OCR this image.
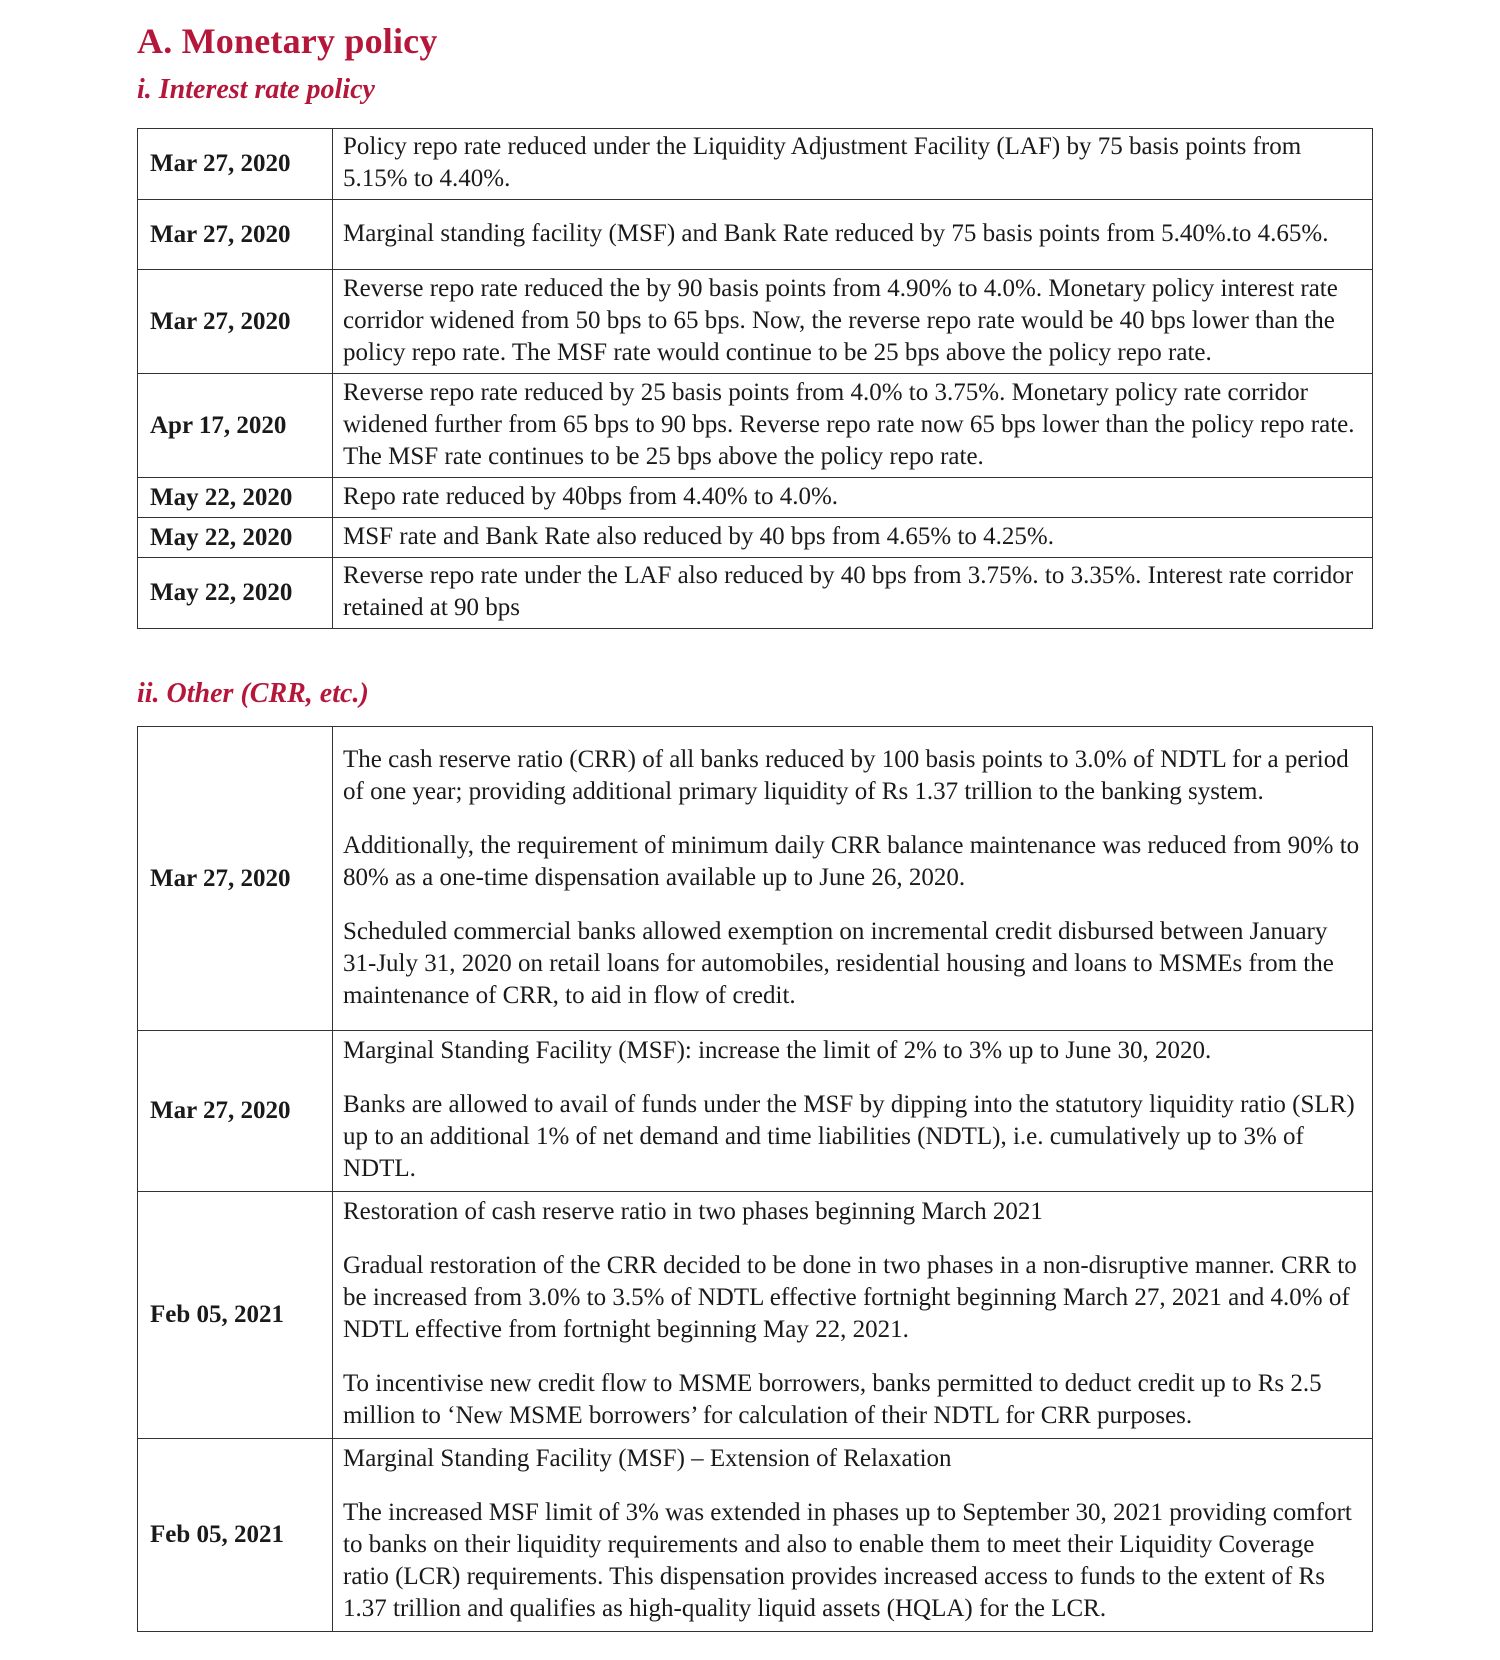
A. Monetary policy
i. Interest rate policy
Mar 27, 2020	Policy repo rate reduced under the Liquidity Adjustment Facility (LAF) by 75 basis points from 5.15% to 4.40%.

Mar 27, 2020	Marginal standing facility (MSF) and Bank Rate reduced by 75 basis points from 5.40%.to 4.65%.

Mar 27, 2020	Reverse repo rate reduced the by 90 basis points from 4.90% to 4.0%. Monetary policy interest rate corridor widened from 50 bps to 65 bps. Now, the reverse repo rate would be 40 bps lower than the policy repo rate. The MSF rate would continue to be 25 bps above the policy repo rate.

Apr 17, 2020	Reverse repo rate reduced by 25 basis points from 4.0% to 3.75%. Monetary policy rate corridor widened further from 65 bps to 90 bps. Reverse repo rate now 65 bps lower than the policy repo rate. The MSF rate continues to be 25 bps above the policy repo rate.

May 22, 2020	Repo rate reduced by 40bps from 4.40% to 4.0%.

May 22, 2020	MSF rate and Bank Rate also reduced by 40 bps from 4.65% to 4.25%.

May 22, 2020	Reverse repo rate under the LAF also reduced by 40 bps from 3.75%. to 3.35%. Interest rate corridor retained at 90 bps

ii. Other (CRR, etc.)
Mar 27, 2020	The cash reserve ratio (CRR) of all banks reduced by 100 basis points to 3.0% of NDTL for a period of one year; providing additional primary liquidity of Rs 1.37 trillion to the banking system.

Additionally, the requirement of minimum daily CRR balance maintenance was reduced from 90% to 80% as a one-time dispensation available up to June 26, 2020.

Scheduled commercial banks allowed exemption on incremental credit disbursed between January 31-July 31, 2020 on retail loans for automobiles, residential housing and loans to MSMEs from the maintenance of CRR, to aid in flow of credit.

Mar 27, 2020	Marginal Standing Facility (MSF): increase the limit of 2% to 3% up to June 30, 2020.

Banks are allowed to avail of funds under the MSF by dipping into the statutory liquidity ratio (SLR) up to an additional 1% of net demand and time liabilities (NDTL), i.e. cumulatively up to 3% of NDTL.

Feb 05, 2021	Restoration of cash reserve ratio in two phases beginning March 2021

Gradual restoration of the CRR decided to be done in two phases in a non-disruptive manner. CRR to be increased from 3.0% to 3.5% of NDTL effective fortnight beginning March 27, 2021 and 4.0% of NDTL effective from fortnight beginning May 22, 2021.

To incentivise new credit flow to MSME borrowers, banks permitted to deduct credit up to Rs 2.5 million to ‘New MSME borrowers’ for calculation of their NDTL for CRR purposes.

Feb 05, 2021	Marginal Standing Facility (MSF) – Extension of Relaxation

The increased MSF limit of 3% was extended in phases up to September 30, 2021 providing comfort to banks on their liquidity requirements and also to enable them to meet their Liquidity Coverage ratio (LCR) requirements. This dispensation provides increased access to funds to the extent of Rs 1.37 trillion and qualifies as high-quality liquid assets (HQLA) for the LCR.
